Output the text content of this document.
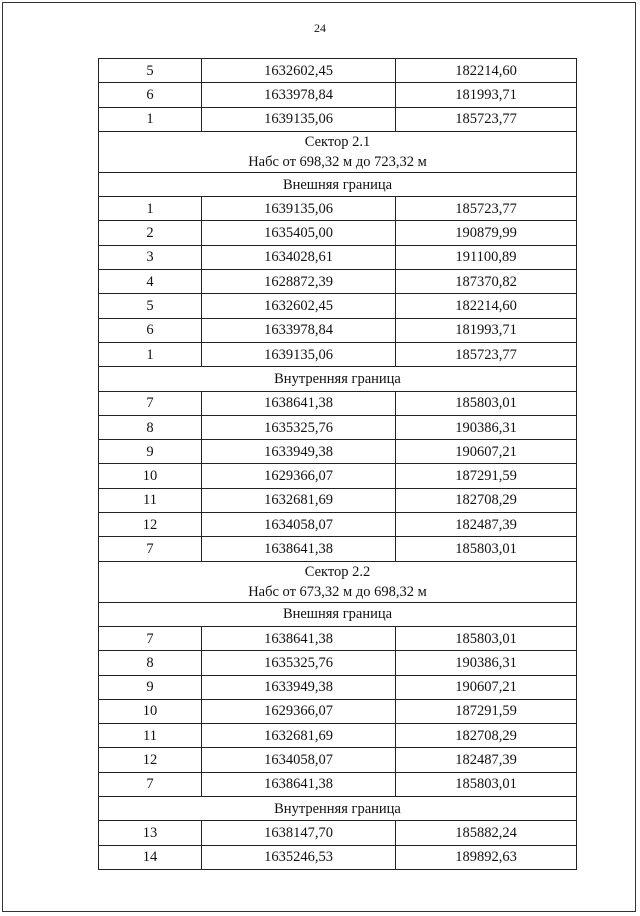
24
5	1632602,45	182214,60
6	1633978,84	181993,71
1	1639135,06	185723,77

Сектор 2.1
Набс от 698,32 м до 723,32 м		

Внешняя граница		
1	1639135,06	185723,77
2	1635405,00	190879,99
3	1634028,61	191100,89
4	1628872,39	187370,82
5	1632602,45	182214,60
6	1633978,84	181993,71
1	1639135,06	185723,77
Внутренняя граница		
7	1638641,38	185803,01
8	1635325,76	190386,31
9	1633949,38	190607,21
10	1629366,07	187291,59
11	1632681,69	182708,29
12	1634058,07	182487,39
7	1638641,38	185803,01

Сектор 2.2
Набс от 673,32 м до 698,32 м		

Внешняя граница		
7	1638641,38	185803,01
8	1635325,76	190386,31
9	1633949,38	190607,21
10	1629366,07	187291,59
11	1632681,69	182708,29
12	1634058,07	182487,39
7	1638641,38	185803,01
Внутренняя граница		
13	1638147,70	185882,24
14	1635246,53	189892,63
